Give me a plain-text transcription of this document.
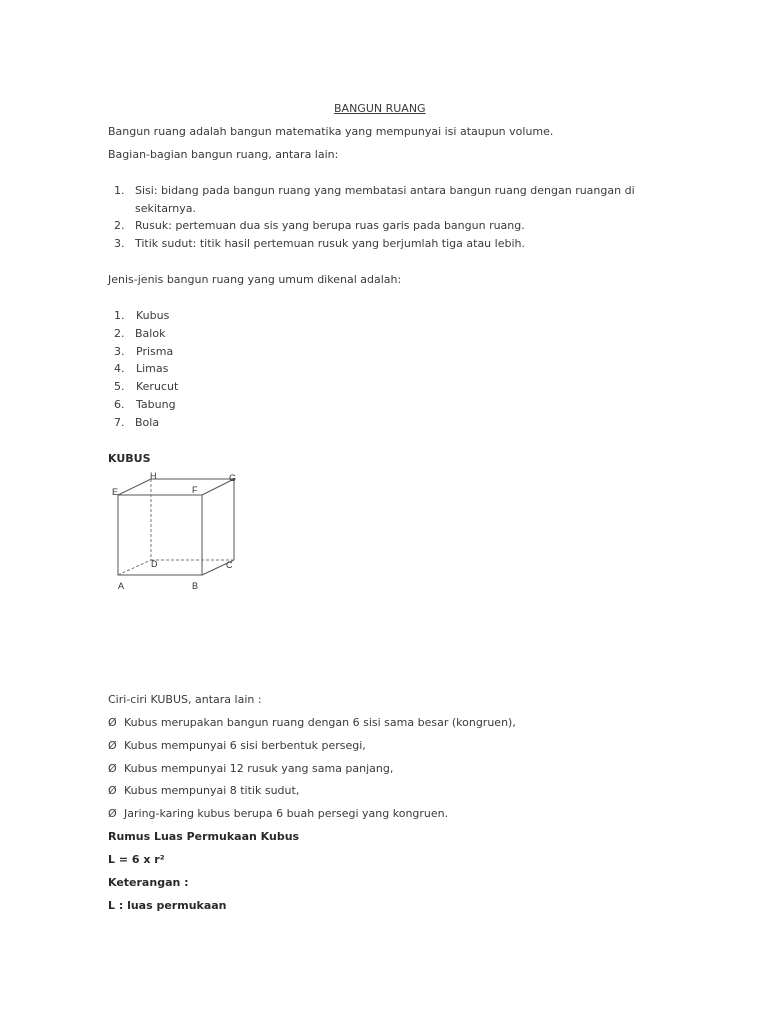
BANGUN RUANG
Bangun ruang adalah bangun matematika yang mempunyai isi ataupun volume.
Bagian-bagian bangun ruang, antara lain:
1. Sisi: bidang pada bangun ruang yang membatasi antara bangun ruang dengan ruangan di
sekitarnya.
2. Rusuk: pertemuan dua sis yang berupa ruas garis pada bangun ruang.
3. Titik sudut: titik hasil pertemuan rusuk yang berjumlah tiga atau lebih.
Jenis-jenis bangun ruang yang umum dikenal adalah:
1. Kubus
2. Balok
3. Prisma
4. Limas
5. Kerucut
6. Tabung
7. Bola
KUBUS
E
H
F
G
D	C
A	B
Ciri-ciri KUBUS, antara lain :
Ø Kubus merupakan bangun ruang dengan 6 sisi sama besar (kongruen),
Ø Kubus mempunyai 6 sisi berbentuk persegi,
Ø Kubus mempunyai 12 rusuk yang sama panjang,
Ø Kubus mempunyai 8 titik sudut,
Ø Jaring-karing kubus berupa 6 buah persegi yang kongruen.
Rumus Luas Permukaan Kubus
L = 6 x r²
Keterangan :
L : luas permukaan
